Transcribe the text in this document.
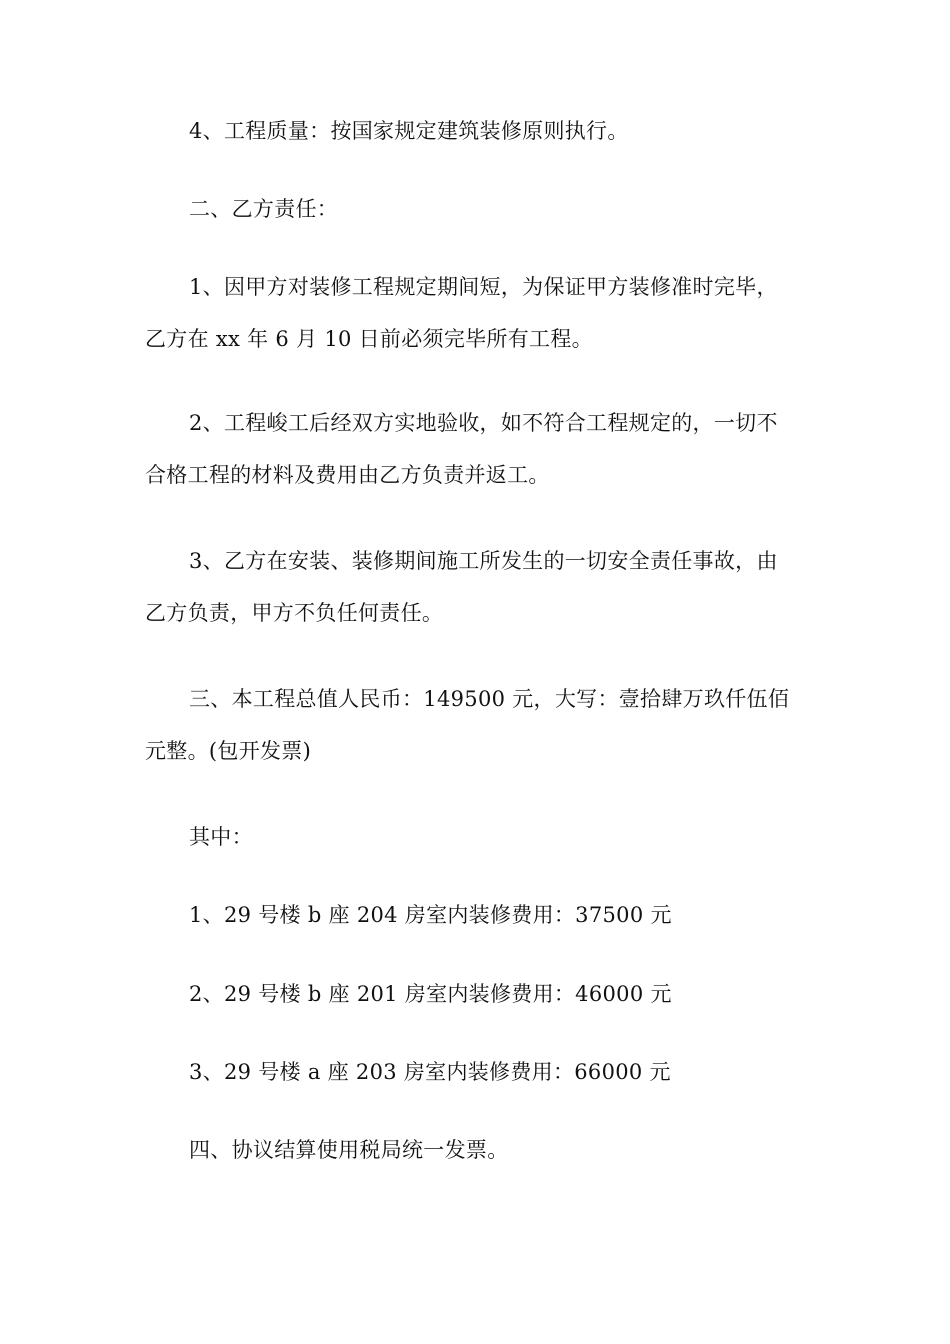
4、工程质量：按国家规定建筑装修原则执行。

二、乙方责任：

1、因甲方对装修工程规定期间短，为保证甲方装修准时完毕，

乙方在 xx 年 6 月 10 日前必须完毕所有工程。

2、工程峻工后经双方实地验收，如不符合工程规定的，一切不

合格工程的材料及费用由乙方负责并返工。

3、乙方在安装、装修期间施工所发生的一切安全责任事故，由

乙方负责，甲方不负任何责任。

三、本工程总值人民币：149500 元，大写：壹拾肆万玖仟伍佰

元整。(包开发票)

其中：

1、29 号楼 b 座 204 房室内装修费用：37500 元

2、29 号楼 b 座 201 房室内装修费用：46000 元

3、29 号楼 a 座 203 房室内装修费用：66000 元

四、协议结算使用税局统一发票。
